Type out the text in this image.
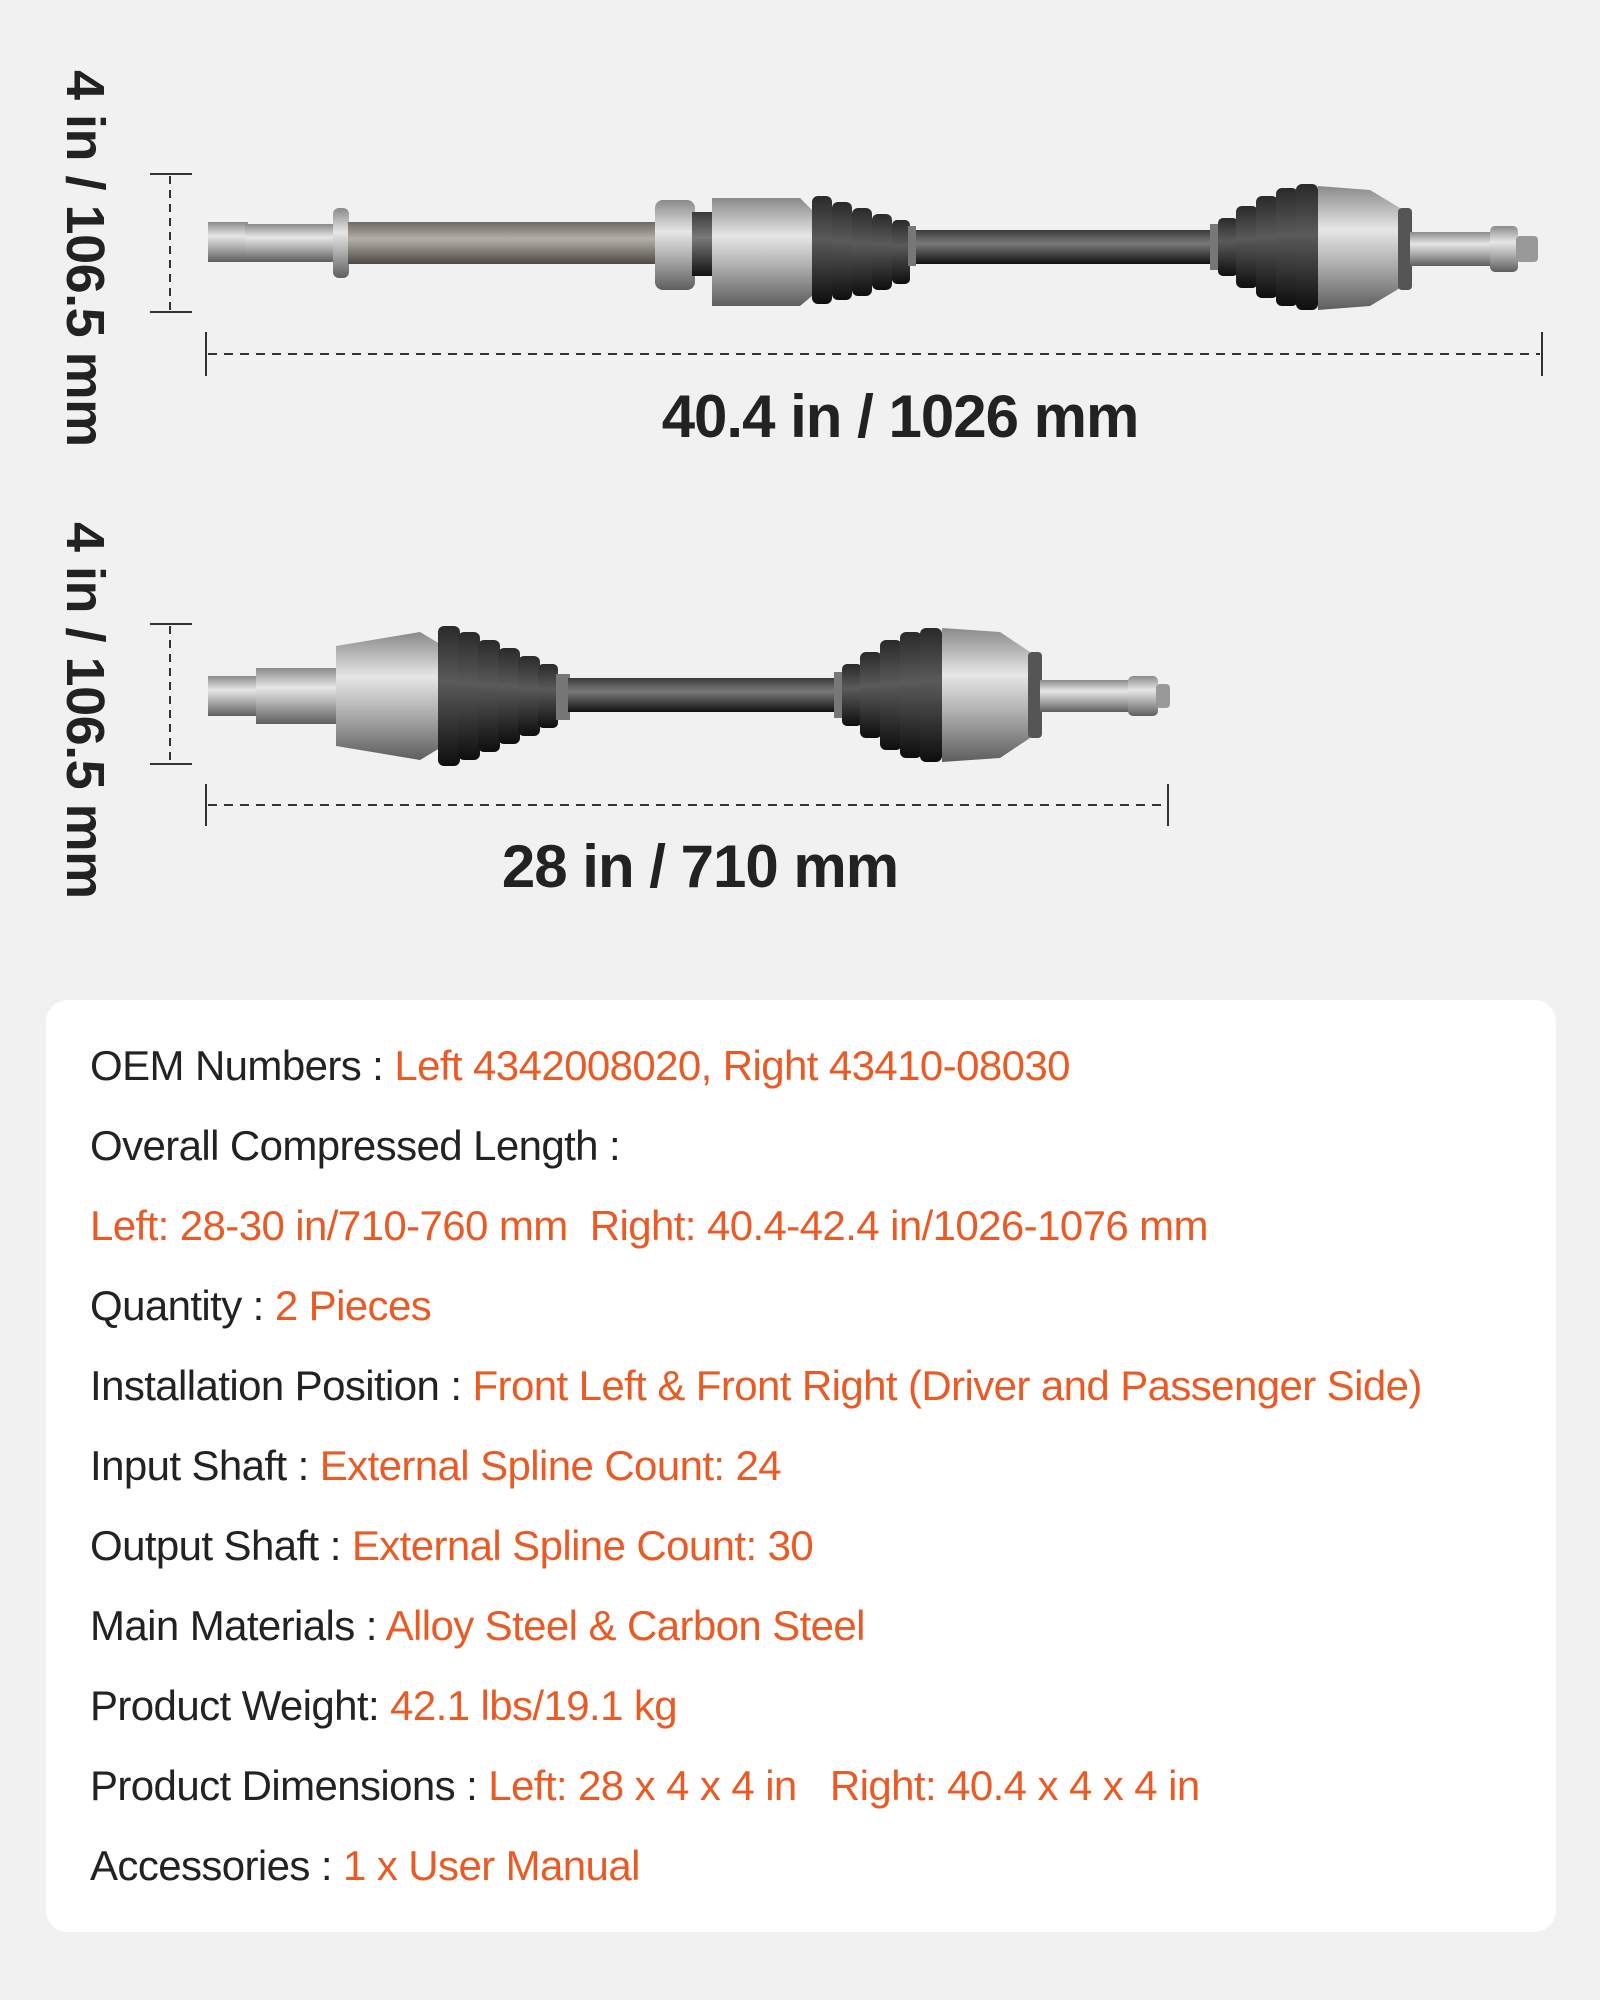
4 in / 106.5 mm
4 in / 106.5 mm
40.4 in / 1026 mm
28 in / 710 mm
OEM Numbers : Left 4342008020, Right 43410-08030
Overall Compressed Length :
Left: 28-30 in/710-760 mm  Right: 40.4-42.4 in/1026-1076 mm
Quantity : 2 Pieces
Installation Position : Front Left & Front Right (Driver and Passenger Side)
Input Shaft : External Spline Count: 24
Output Shaft : External Spline Count: 30
Main Materials : Alloy Steel & Carbon Steel
Product Weight: 42.1 lbs/19.1 kg
Product Dimensions : Left: 28 x 4 x 4 in   Right: 40.4 x 4 x 4 in
Accessories : 1 x User Manual
